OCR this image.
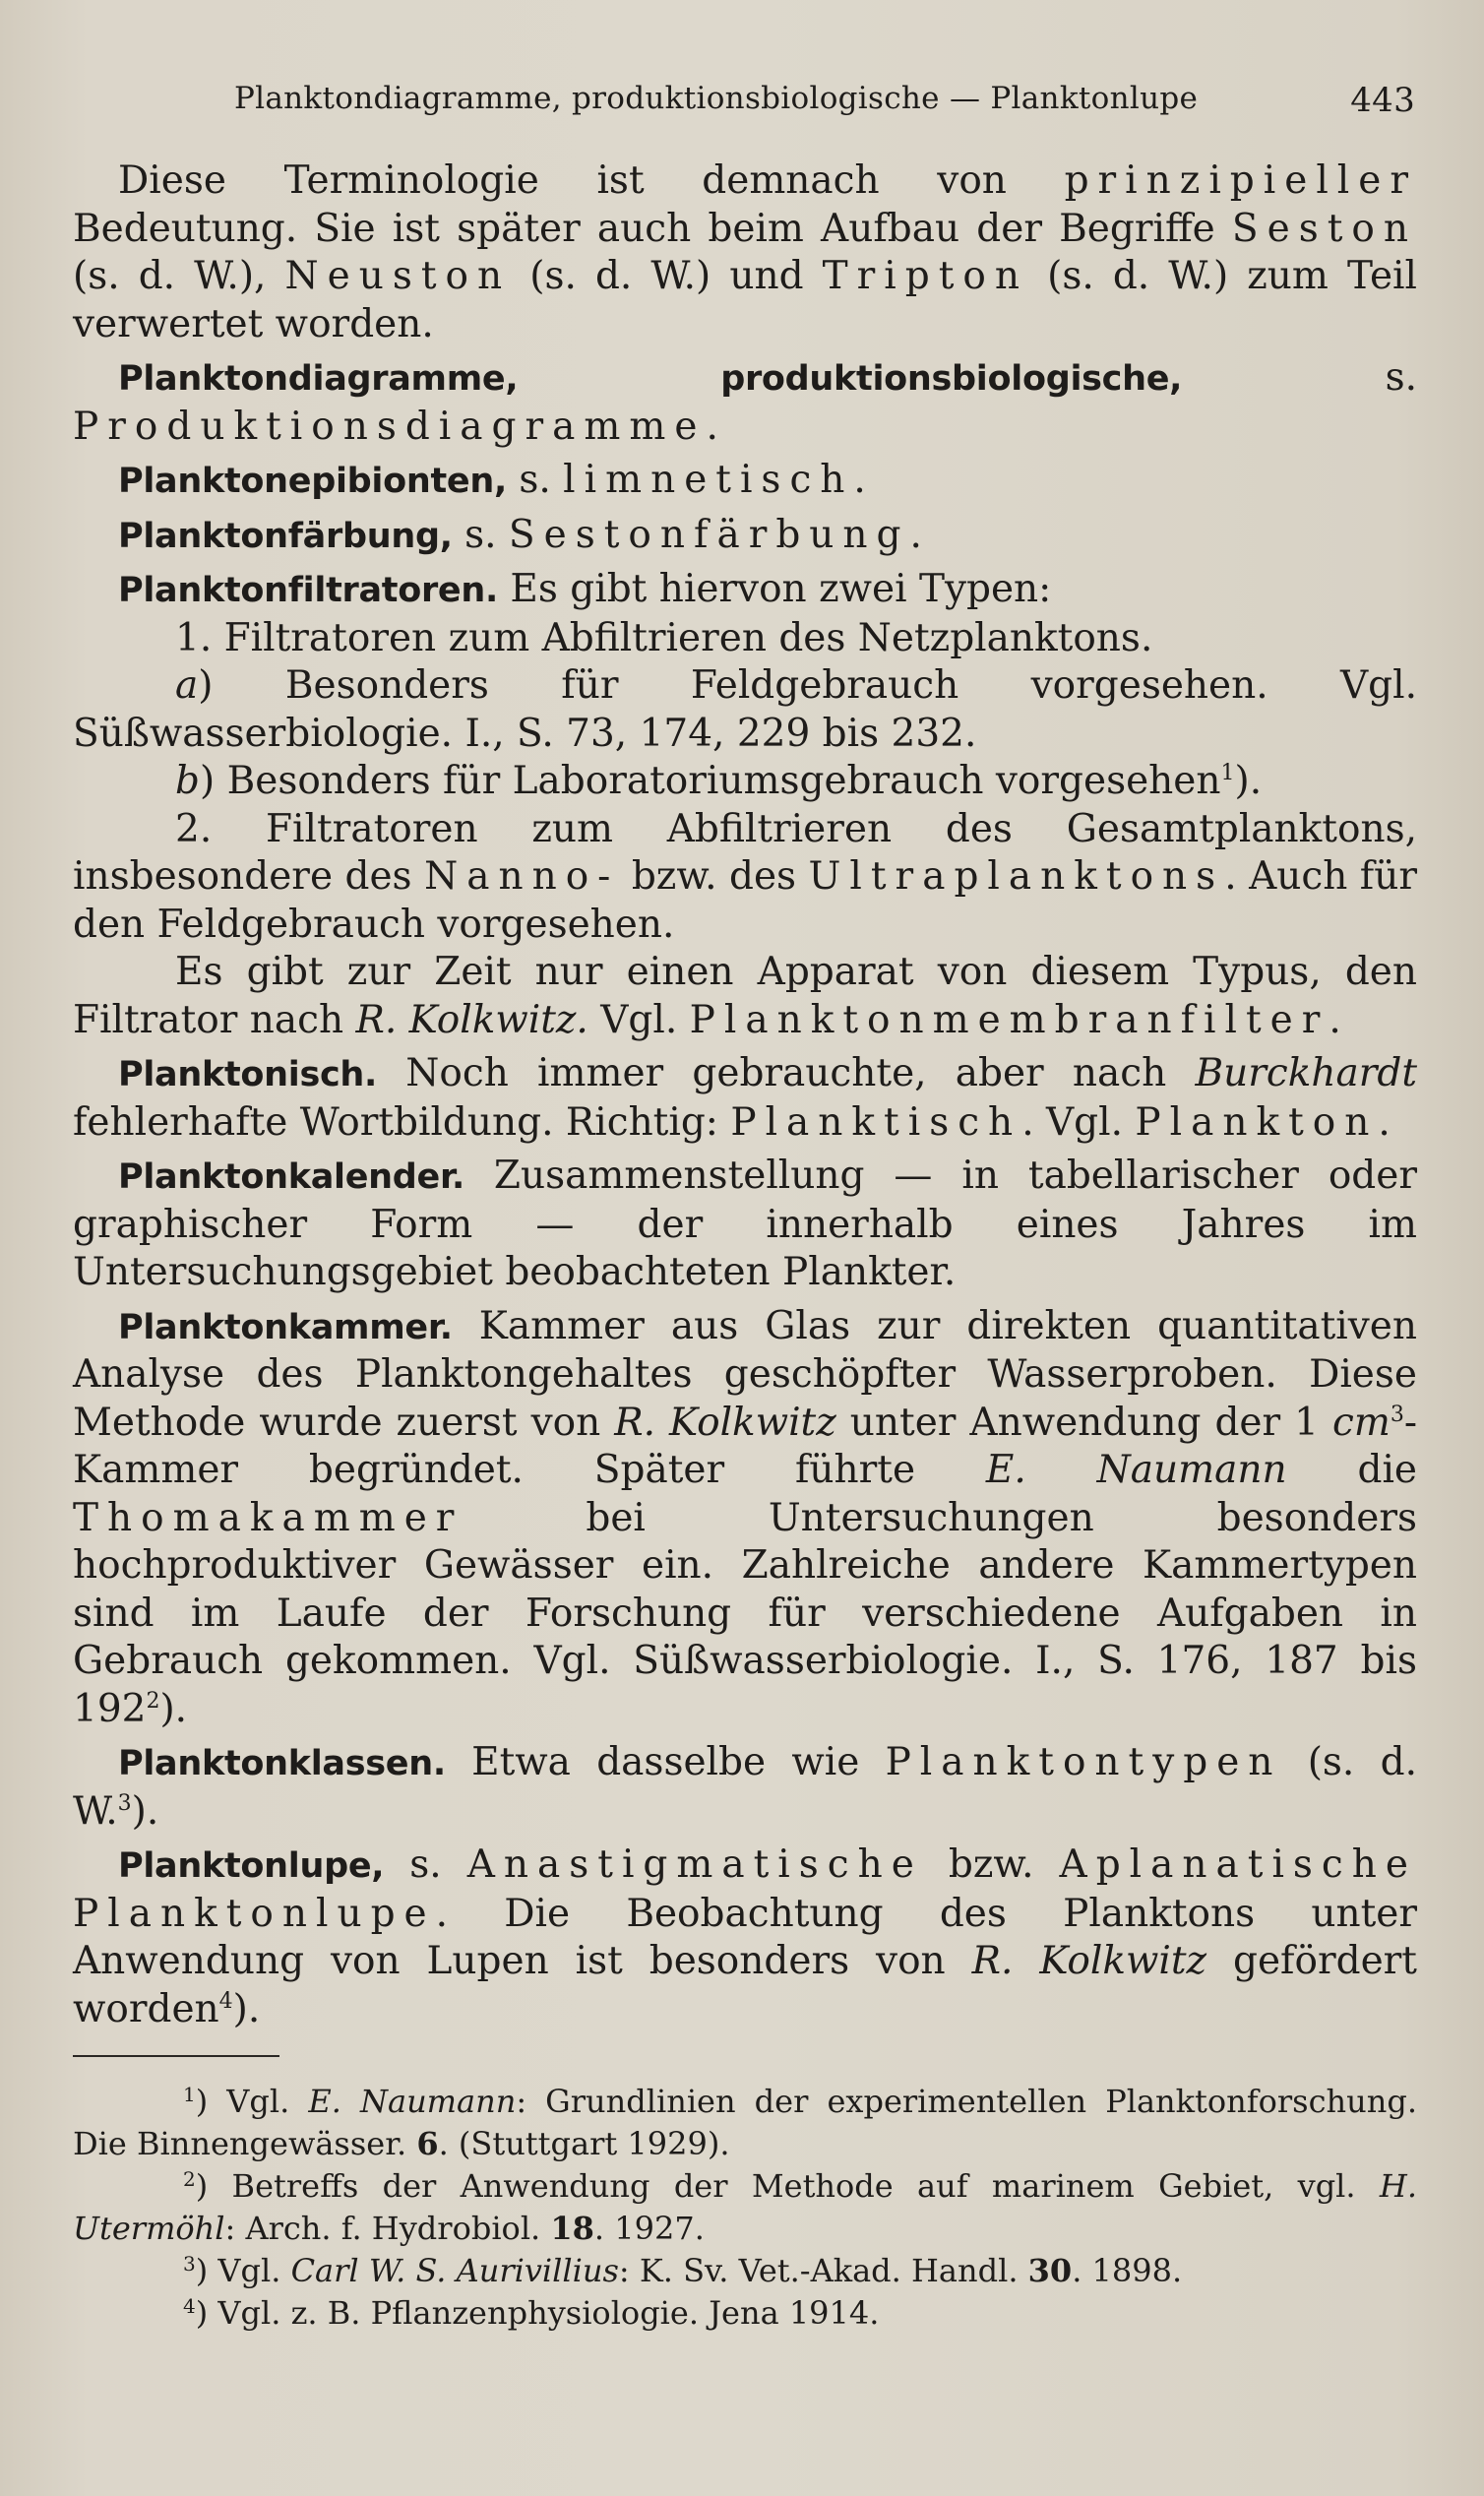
Planktondiagramme, produktionsbiologische — Planktonlupe	443

Diese Terminologie ist demnach von prinzipieller Bedeutung. Sie ist später auch beim Aufbau der Begriffe Seston (s. d. W.), Neuston (s. d. W.) und Tripton (s. d. W.) zum Teil verwertet worden.

Planktondiagramme, produktionsbiologische, s. Produktionsdiagramme.

Planktonepibionten, s. limnetisch.

Planktonfärbung, s. Sestonfärbung.

Planktonfiltratoren. Es gibt hiervon zwei Typen:

1. Filtratoren zum Abfiltrieren des Netzplanktons.

a) Besonders für Feldgebrauch vorgesehen. Vgl. Süßwasserbiologie. I., S. 73, 174, 229 bis 232.

b) Besonders für Laboratoriumsgebrauch vorgesehen$^1$).

2. Filtratoren zum Abfiltrieren des Gesamtplanktons, insbesondere des Nanno- bzw. des Ultraplanktons. Auch für den Feldgebrauch vorgesehen.

Es gibt zur Zeit nur einen Apparat von diesem Typus, den Filtrator nach R. Kolkwitz. Vgl. Planktonmembranfilter.

Planktonisch. Noch immer gebrauchte, aber nach Burckhardt fehlerhafte Wortbildung. Richtig: Planktisch. Vgl. Plankton.

Planktonkalender. Zusammenstellung — in tabellarischer oder graphischer Form — der innerhalb eines Jahres im Untersuchungsgebiet beobachteten Plankter.

Planktonkammer. Kammer aus Glas zur direkten quantitativen Analyse des Planktongehaltes geschöpfter Wasserproben. Diese Methode wurde zuerst von R. Kolkwitz unter Anwendung der 1 $cm^3$-Kammer begründet. Später führte E. Naumann die Thomakammer bei Untersuchungen besonders hochproduktiver Gewässer ein. Zahlreiche andere Kammertypen sind im Laufe der Forschung für verschiedene Aufgaben in Gebrauch gekommen. Vgl. Süßwasserbiologie. I., S. 176, 187 bis $192^2$).

Planktonklassen. Etwa dasselbe wie Planktontypen (s. d. W.$^3$).

Planktonlupe, s. Anastigmatische bzw. Aplanatische Planktonlupe. Die Beobachtung des Planktons unter Anwendung von Lupen ist besonders von R. Kolkwitz gefördert worden$^4$).

$^1$) Vgl. E. Naumann: Grundlinien der experimentellen Planktonforschung. Die Binnengewässer. 6. (Stuttgart 1929).

$^2$) Betreffs der Anwendung der Methode auf marinem Gebiet, vgl. H. Utermöhl: Arch. f. Hydrobiol. 18. 1927.

$^3$) Vgl. Carl W. S. Aurivillius: K. Sv. Vet.-Akad. Handl. 30. 1898.

$^4$) Vgl. z. B. Pflanzenphysiologie. Jena 1914.
